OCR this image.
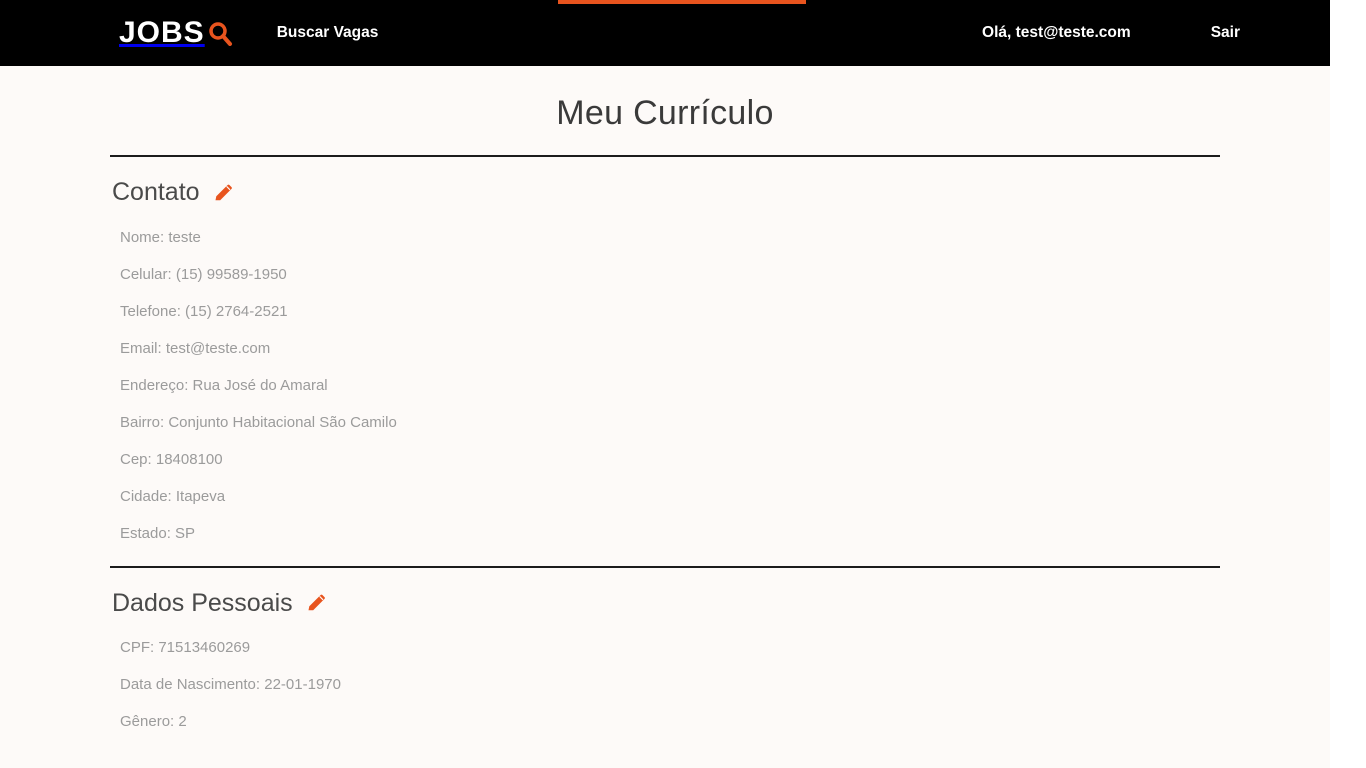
JOBS	Buscar Vagas	Olá, test@teste.com	Sair
Meu Currículo
Contato

Nome: teste

Celular: (15) 99589-1950

Telefone: (15) 2764-2521

Email: test@teste.com

Endereço: Rua José do Amaral

Bairro: Conjunto Habitacional São Camilo

Cep: 18408100

Cidade: Itapeva

Estado: SP

Dados Pessoais

CPF: 71513460269

Data de Nascimento: 22-01-1970

Gênero: 2
